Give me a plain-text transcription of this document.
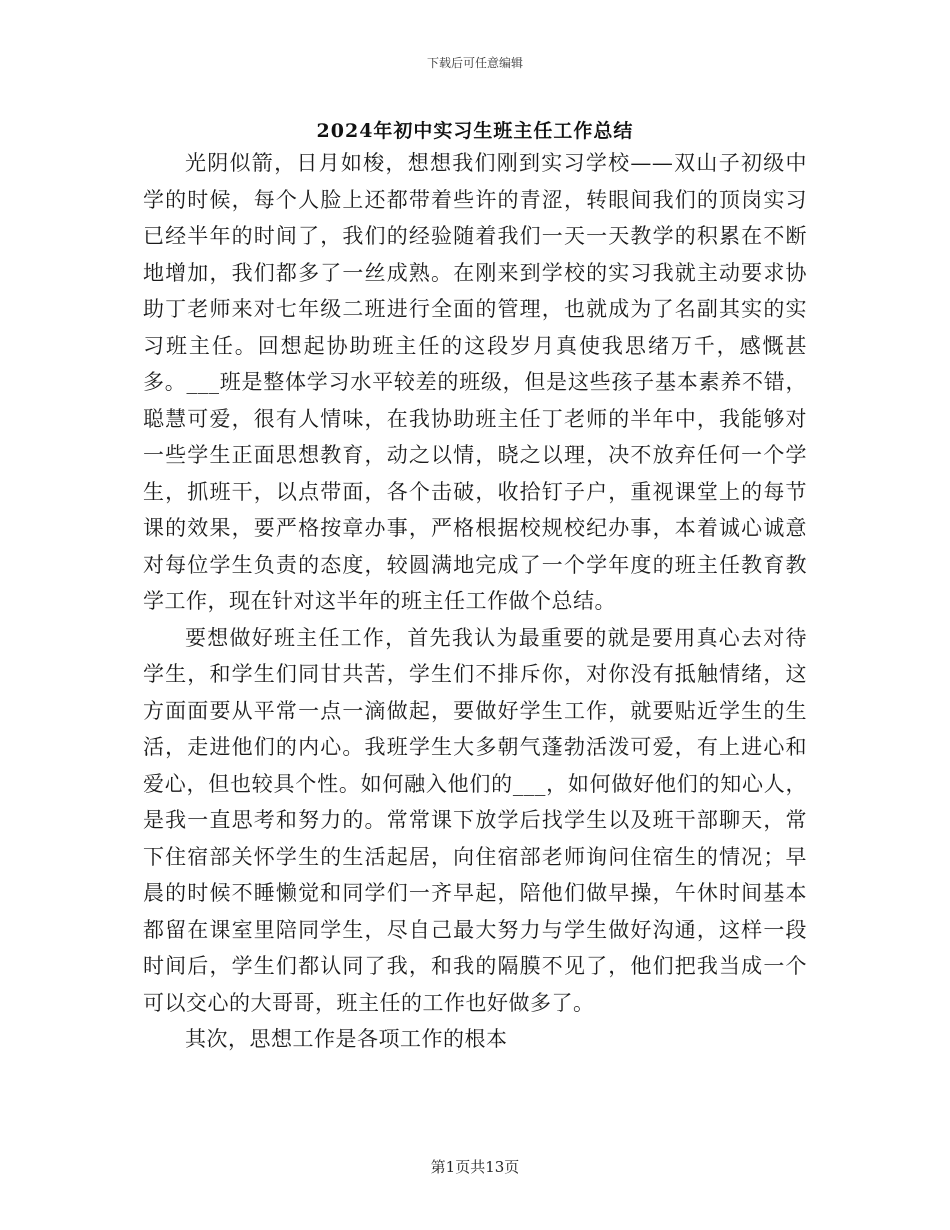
下载后可任意编辑
2024年初中实习生班主任工作总结

光阴似箭，日月如梭，想想我们刚到实习学校——双山子初级中学的时候，每个人脸上还都带着些许的青涩，转眼间我们的顶岗实习已经半年的时间了，我们的经验随着我们一天一天教学的积累在不断地增加，我们都多了一丝成熟。在刚来到学校的实习我就主动要求协助丁老师来对七年级二班进行全面的管理，也就成为了名副其实的实习班主任。回想起协助班主任的这段岁月真使我思绪万千，感慨甚多。___班是整体学习水平较差的班级，但是这些孩子基本素养不错，聪慧可爱，很有人情味，在我协助班主任丁老师的半年中，我能够对一些学生正面思想教育，动之以情，晓之以理，决不放弃任何一个学生，抓班干，以点带面，各个击破，收拾钉子户，重视课堂上的每节课的效果，要严格按章办事，严格根据校规校纪办事，本着诚心诚意对每位学生负责的态度，较圆满地完成了一个学年度的班主任教育教学工作，现在针对这半年的班主任工作做个总结。

要想做好班主任工作，首先我认为最重要的就是要用真心去对待学生，和学生们同甘共苦，学生们不排斥你，对你没有抵触情绪，这方面面要从平常一点一滴做起，要做好学生工作，就要贴近学生的生活，走进他们的内心。我班学生大多朝气蓬勃活泼可爱，有上进心和爱心，但也较具个性。如何融入他们的___，如何做好他们的知心人，是我一直思考和努力的。常常课下放学后找学生以及班干部聊天，常下住宿部关怀学生的生活起居，向住宿部老师询问住宿生的情况；早晨的时候不睡懒觉和同学们一齐早起，陪他们做早操，午休时间基本都留在课室里陪同学生，尽自己最大努力与学生做好沟通，这样一段时间后，学生们都认同了我，和我的隔膜不见了，他们把我当成一个可以交心的大哥哥，班主任的工作也好做多了。

其次，思想工作是各项工作的根本

第1页共13页
